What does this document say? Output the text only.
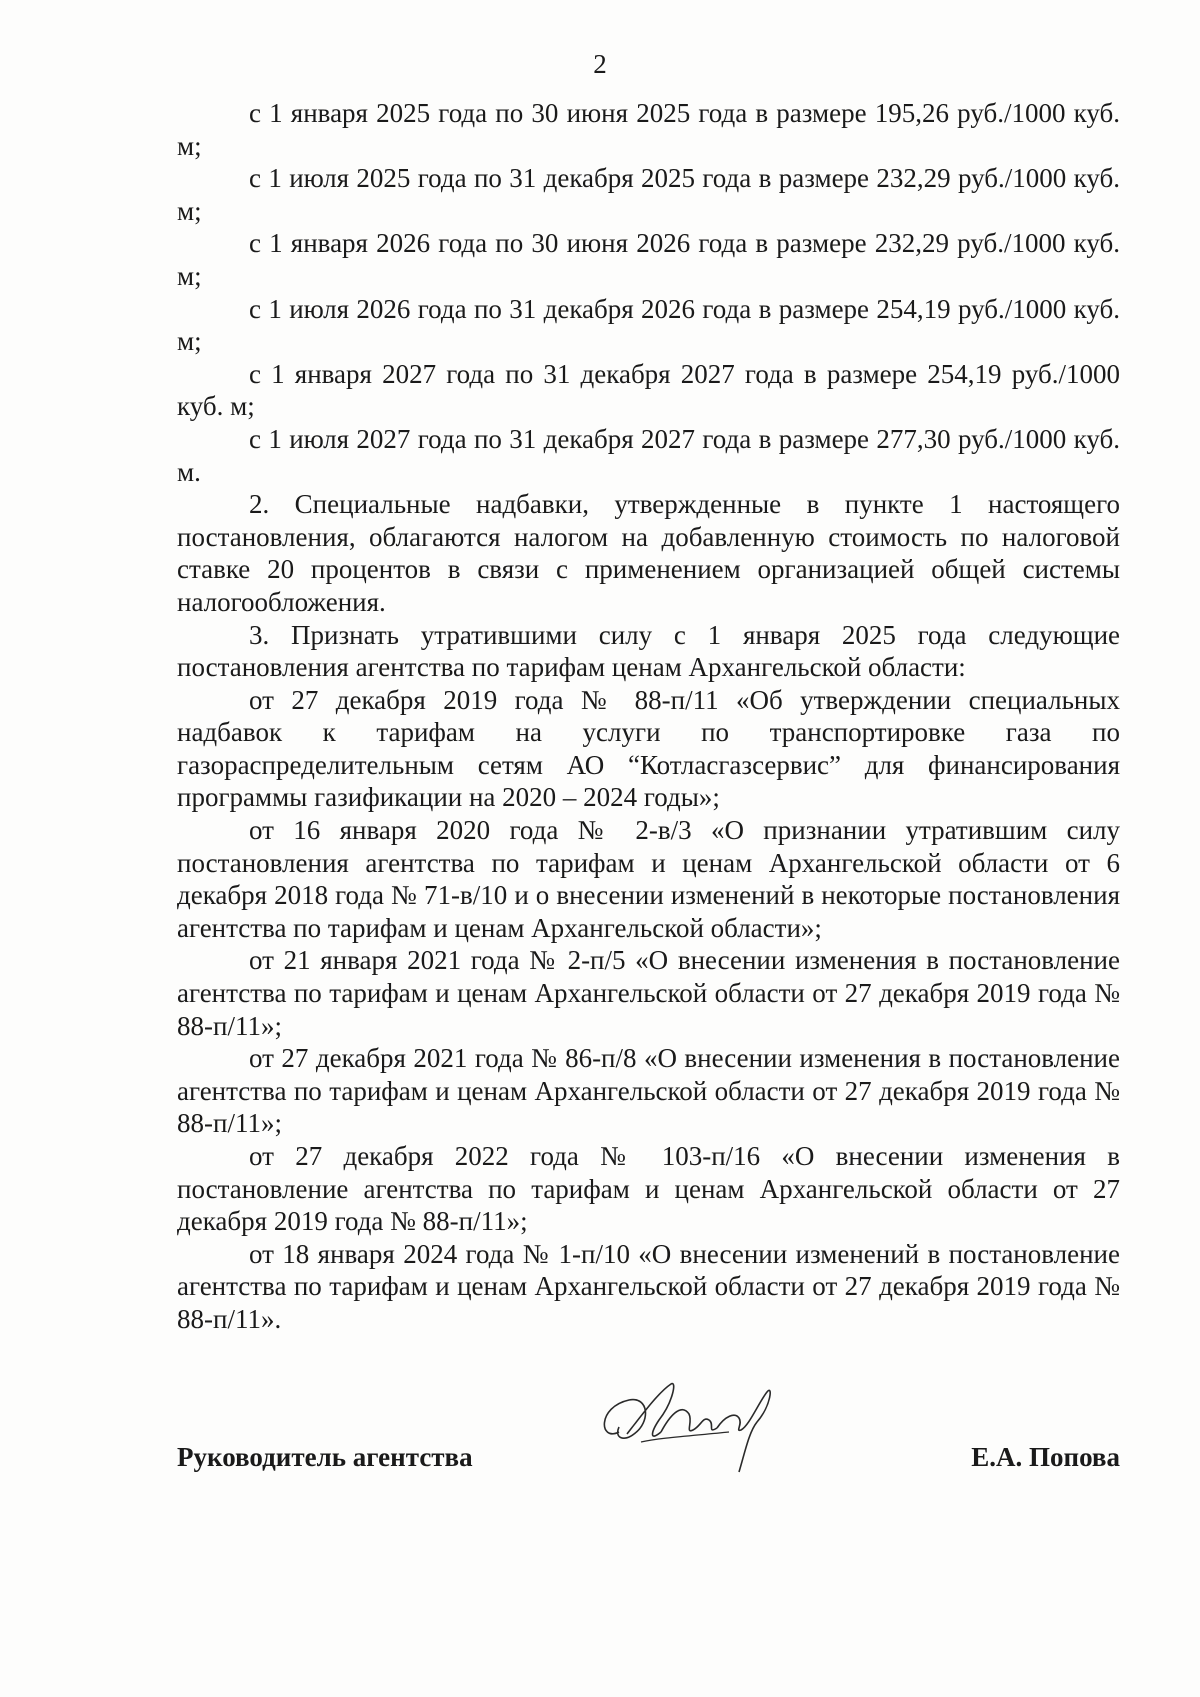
2

с 1 января 2025 года по 30 июня 2025 года в размере 195,26 руб./1000 куб. м;

с 1 июля 2025 года по 31 декабря 2025 года в размере 232,29 руб./1000 куб. м;

с 1 января 2026 года по 30 июня 2026 года в размере 232,29 руб./1000 куб. м;

с 1 июля 2026 года по 31 декабря 2026 года в размере 254,19 руб./1000 куб. м;

с 1 января 2027 года по 31 декабря 2027 года в размере 254,19 руб./1000 куб. м;

с 1 июля 2027 года по 31 декабря 2027 года в размере 277,30 руб./1000 куб. м.

2. Специальные надбавки, утвержденные в пункте 1 настоящего постановления, облагаются налогом на добавленную стоимость по налоговой ставке 20 процентов в связи с применением организацией общей системы налогообложения.

3. Признать утратившими силу с 1 января 2025 года следующие постановления агентства по тарифам ценам Архангельской области:

от 27 декабря 2019 года № 88-п/11 «Об утверждении специальных надбавок к тарифам на услуги по транспортировке газа по газораспределительным сетям АО “Котласгазсервис” для финансирования программы газификации на 2020 – 2024 годы»;

от 16 января 2020 года № 2-в/3 «О признании утратившим силу постановления агентства по тарифам и ценам Архангельской области от 6 декабря 2018 года № 71-в/10 и о внесении изменений в некоторые постановления агентства по тарифам и ценам Архангельской области»;

от 21 января 2021 года № 2-п/5 «О внесении изменения в постановление агентства по тарифам и ценам Архангельской области от 27 декабря 2019 года № 88-п/11»;

от 27 декабря 2021 года № 86-п/8 «О внесении изменения в постановление агентства по тарифам и ценам Архангельской области от 27 декабря 2019 года № 88-п/11»;

от 27 декабря 2022 года № 103-п/16 «О внесении изменения в постановление агентства по тарифам и ценам Архангельской области от 27 декабря 2019 года № 88-п/11»;

от 18 января 2024 года № 1-п/10 «О внесении изменений в постановление агентства по тарифам и ценам Архангельской области от 27 декабря 2019 года № 88-п/11».

Руководитель агентства	Е.А. Попова
